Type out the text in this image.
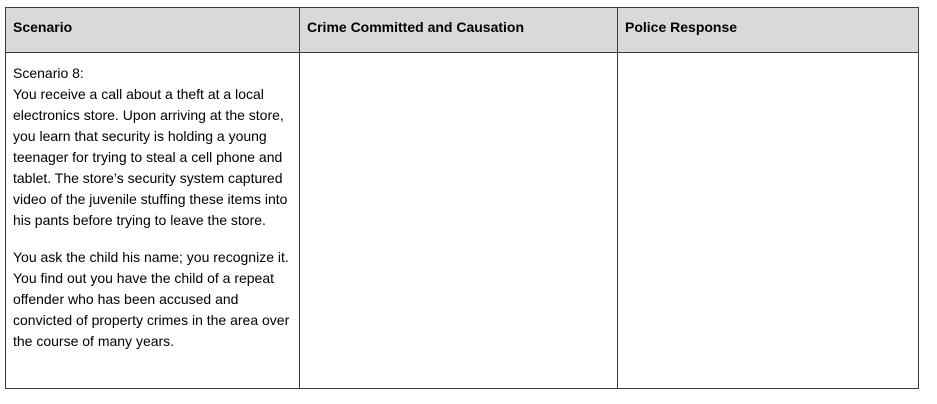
Scenario	Crime Committed and Causation	Police Response

Scenario 8:
You receive a call about a theft at a local electronics store. Upon arriving at the store, you learn that security is holding a young teenager for trying to steal a cell phone and tablet. The store’s security system captured video of the juvenile stuffing these items into his pants before trying to leave the store.
You ask the child his name; you recognize it. You find out you have the child of a repeat offender who has been accused and convicted of property crimes in the area over the course of many years.		
